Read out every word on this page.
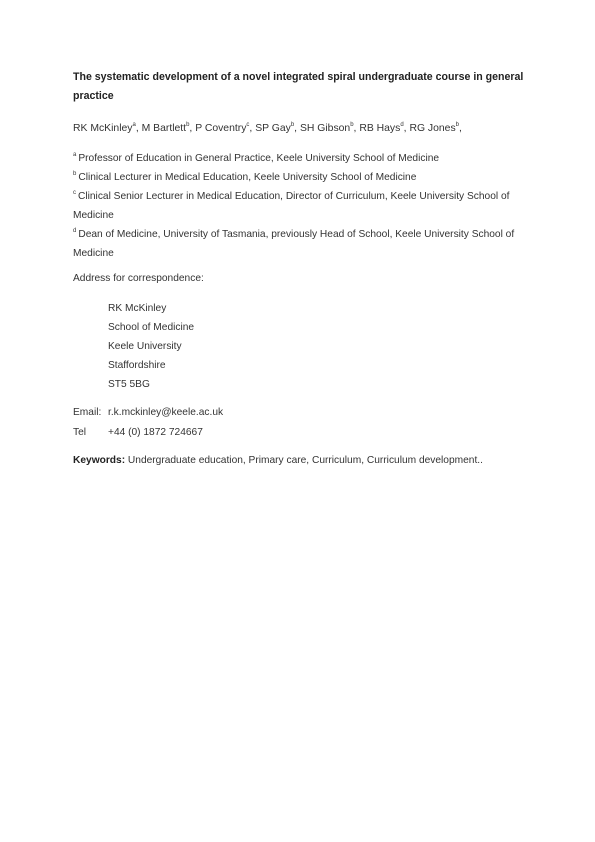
The systematic development of a novel integrated spiral undergraduate course in general practice
RK McKinley$^a$, M Bartlett$^b$, P Coventry$^c$, SP Gay$^b$, SH Gibson$^b$, RB Hays$^d$, RG Jones$^b$,
$^a$ Professor of Education in General Practice, Keele University School of Medicine
$^b$ Clinical Lecturer in Medical Education, Keele University School of Medicine
$^c$ Clinical Senior Lecturer in Medical Education, Director of Curriculum, Keele University School of Medicine
$^d$ Dean of Medicine, University of Tasmania, previously Head of School, Keele University School of Medicine
Address for correspondence:
RK McKinley
School of Medicine
Keele University
Staffordshire
ST5 5BG
Email: r.k.mckinley@keele.ac.uk
Tel +44 (0) 1872 724667
Keywords: Undergraduate education, Primary care, Curriculum, Curriculum development..
